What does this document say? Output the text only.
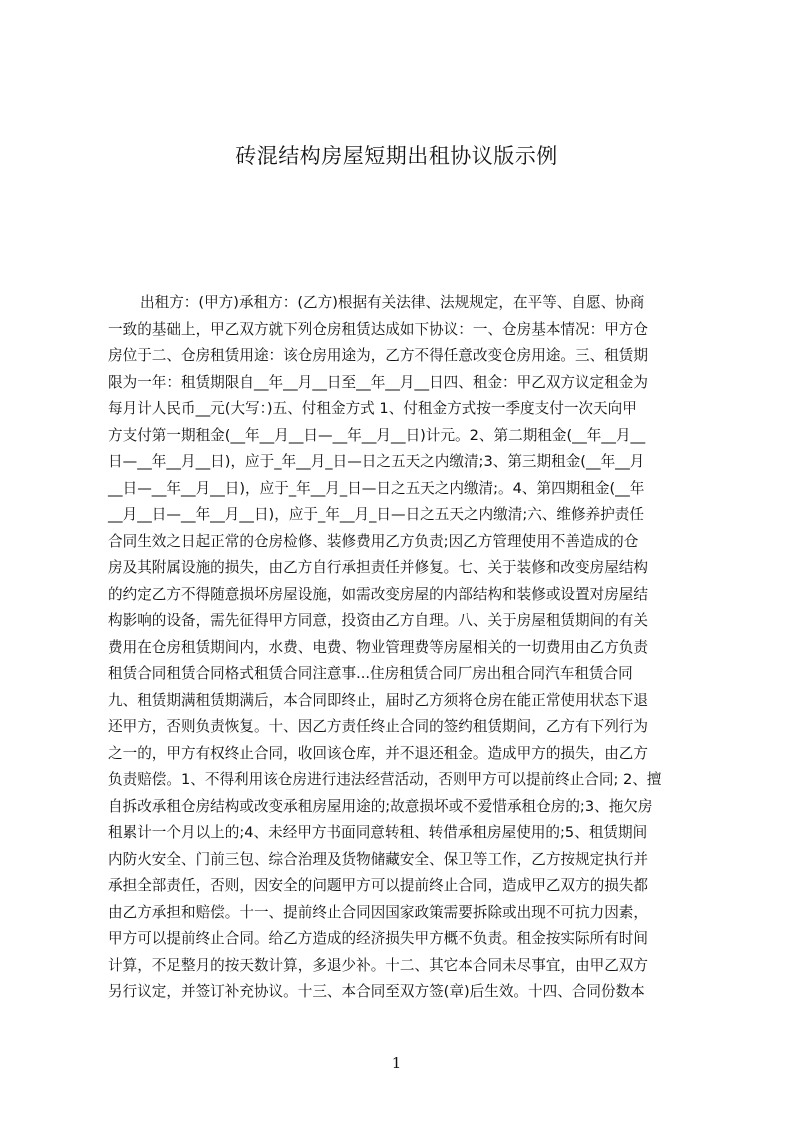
砖混结构房屋短期出租协议版示例
出租方：(甲方)承租方：(乙方)根据有关法律、法规规定，在平等、自愿、协商
一致的基础上，甲乙双方就下列仓房租赁达成如下协议：一、仓房基本情况：甲方仓
房位于二、仓房租赁用途：该仓房用途为，乙方不得任意改变仓房用途。三、租赁期
限为一年：租赁期限自__年__月__日至__年__月__日四、租金：甲乙双方议定租金为
每月计人民币__元(大写：)五、付租金方式 1、付租金方式按一季度支付一次天向甲
方支付第一期租金(__年__月__日—__年__月__日)计元。2、第二期租金(__年__月__
日—__年__月__日)，应于_年__月_日—日之五天之内缴清;3、第三期租金(__年__月
__日—__年__月__日)，应于_年__月_日—日之五天之内缴清;。4、第四期租金(__年
__月__日—__年__月__日)，应于_年__月_日—日之五天之内缴清;六、维修养护责任
合同生效之日起正常的仓房检修、装修费用乙方负责;因乙方管理使用不善造成的仓
房及其附属设施的损失，由乙方自行承担责任并修复。七、关于装修和改变房屋结构
的约定乙方不得随意损坏房屋设施，如需改变房屋的内部结构和装修或设置对房屋结
构影响的设备，需先征得甲方同意，投资由乙方自理。八、关于房屋租赁期间的有关
费用在仓房租赁期间内，水费、电费、物业管理费等房屋相关的一切费用由乙方负责
租赁合同租赁合同格式租赁合同注意事...住房租赁合同厂房出租合同汽车租赁合同
九、租赁期满租赁期满后，本合同即终止，届时乙方须将仓房在能正常使用状态下退
还甲方，否则负责恢复。十、因乙方责任终止合同的签约租赁期间，乙方有下列行为
之一的，甲方有权终止合同，收回该仓库，并不退还租金。造成甲方的损失，由乙方
负责赔偿。1、不得利用该仓房进行违法经营活动，否则甲方可以提前终止合同; 2、擅
自拆改承租仓房结构或改变承租房屋用途的;故意损坏或不爱惜承租仓房的;3、拖欠房
租累计一个月以上的;4、未经甲方书面同意转租、转借承租房屋使用的;5、租赁期间
内防火安全、门前三包、综合治理及货物储藏安全、保卫等工作，乙方按规定执行并
承担全部责任，否则，因安全的问题甲方可以提前终止合同，造成甲乙双方的损失都
由乙方承担和赔偿。十一、提前终止合同因国家政策需要拆除或出现不可抗力因素，
甲方可以提前终止合同。给乙方造成的经济损失甲方概不负责。租金按实际所有时间
计算，不足整月的按天数计算，多退少补。十二、其它本合同未尽事宜，由甲乙双方
另行议定，并签订补充协议。十三、本合同至双方签(章)后生效。十四、合同份数本
1
